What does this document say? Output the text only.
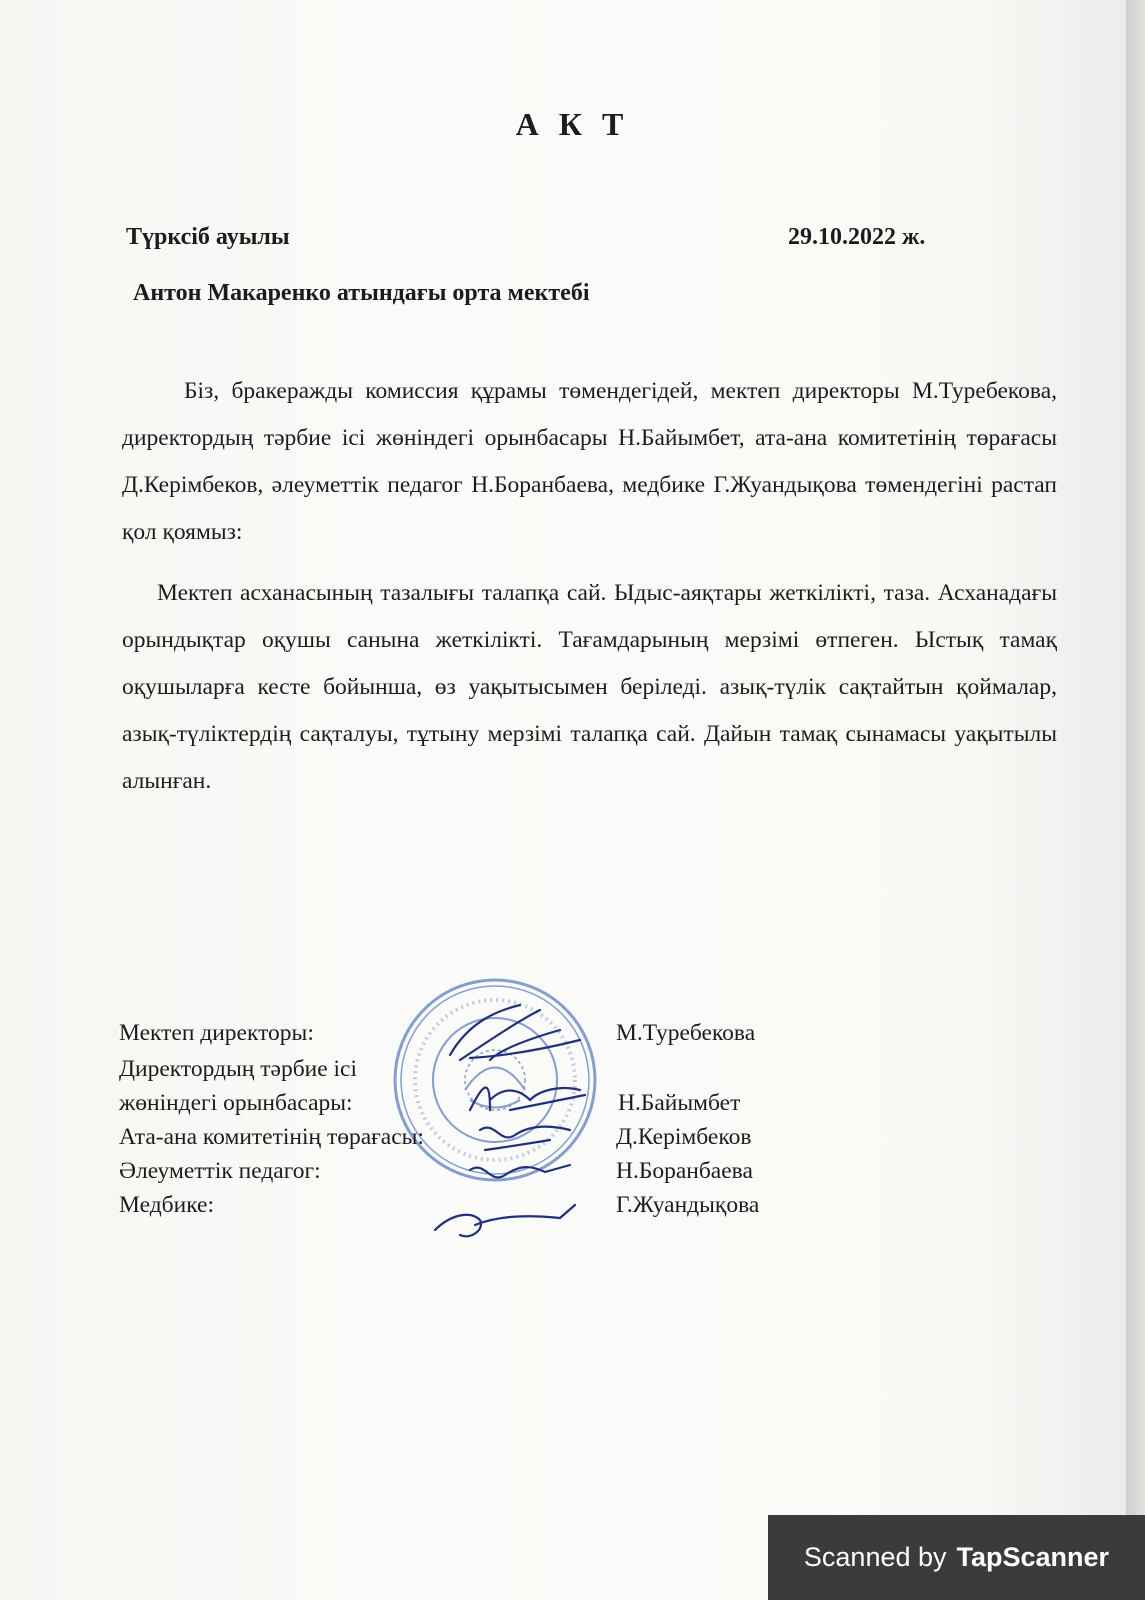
А К Т
Түрксіб ауылы	29.10.2022 ж.
Антон Макаренко атындағы орта мектебі

Біз, бракеражды комиссия құрамы төмендегідей, мектеп директоры М.Туребекова, директордың тәрбие ісі жөніндегі орынбасары Н.Байымбет, ата-ана комитетінің төрағасы Д.Керімбеков, әлеуметтік педагог Н.Боранбаева, медбике Г.Жуандықова төмендегіні растап қол қоямыз:

Мектеп асханасының тазалығы талапқа сай. Ыдыс-аяқтары жеткілікті, таза. Асханадағы орындықтар оқушы санына жеткілікті. Тағамдарының мерзімі өтпеген. Ыстық тамақ оқушыларға кесте бойынша, өз уақытысымен беріледі. азық-түлік сақтайтын қоймалар, азық-түліктердің сақталуы, тұтыну мерзімі талапқа сай. Дайын тамақ сынамасы уақытылы алынған.

Мектеп директоры:	М.Туребекова
Директордың тәрбие ісі
жөніндегі орынбасары:	Н.Байымбет
Ата-ана комитетінің төрағасы:	Д.Керімбеков
Әлеуметтік педагог:	Н.Боранбаева
Медбике:	Г.Жуандықова
Scanned by TapScanner
